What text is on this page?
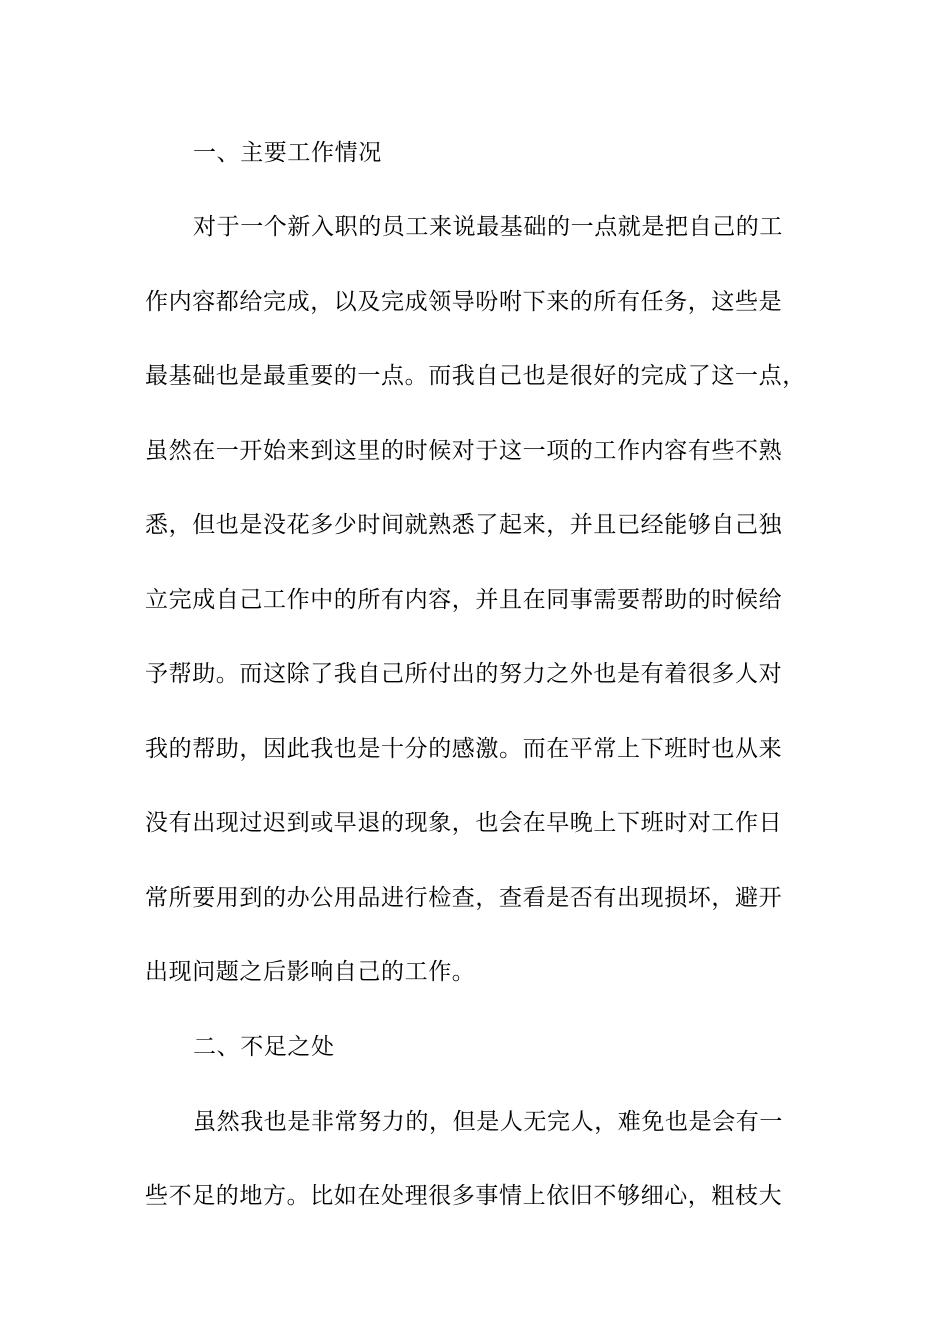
一、主要工作情况
对于一个新入职的员工来说最基础的一点就是把自己的工
作内容都给完成，以及完成领导吩咐下来的所有任务，这些是
最基础也是最重要的一点。而我自己也是很好的完成了这一点，
虽然在一开始来到这里的时候对于这一项的工作内容有些不熟
悉，但也是没花多少时间就熟悉了起来，并且已经能够自己独
立完成自己工作中的所有内容，并且在同事需要帮助的时候给
予帮助。而这除了我自己所付出的努力之外也是有着很多人对
我的帮助，因此我也是十分的感激。而在平常上下班时也从来
没有出现过迟到或早退的现象，也会在早晚上下班时对工作日
常所要用到的办公用品进行检查，查看是否有出现损坏，避开
出现问题之后影响自己的工作。
二、不足之处
虽然我也是非常努力的，但是人无完人，难免也是会有一
些不足的地方。比如在处理很多事情上依旧不够细心，粗枝大
